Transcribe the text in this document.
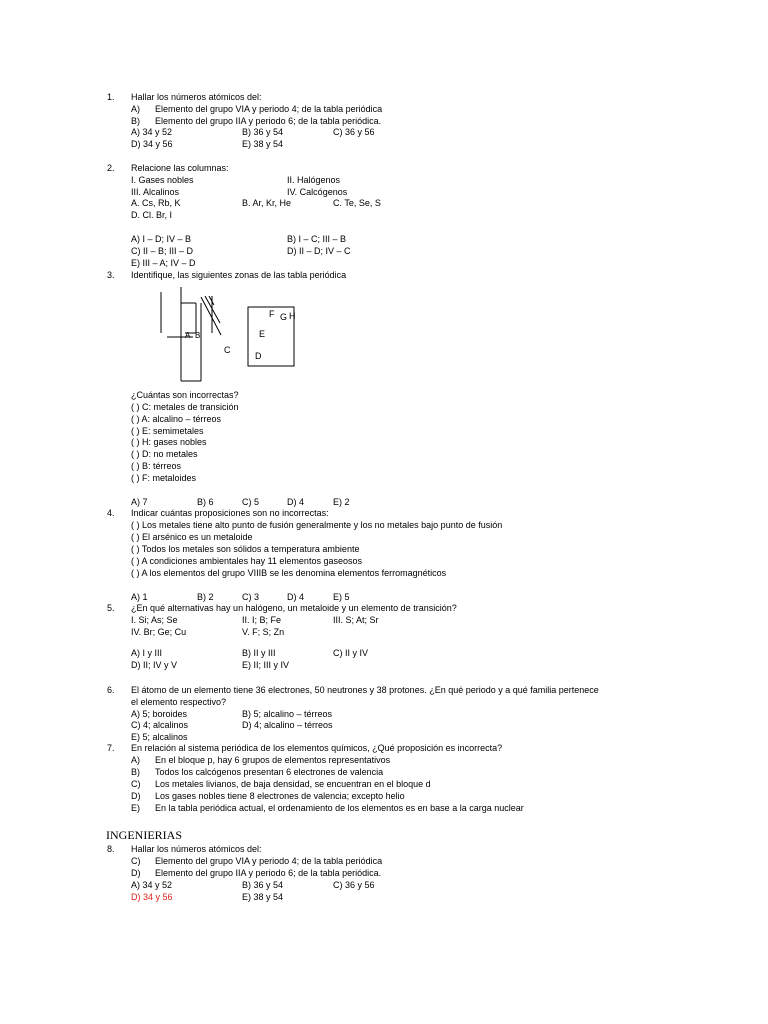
1. Hallar los números atómicos del:
A) Elemento del grupo VIA y periodo 4; de la tabla periódica
B) Elemento del grupo IIA y periodo 6; de la tabla periódica.
A) 34 y 52	B) 36 y 54	C) 36 y 56
D) 34 y 56	E) 38 y 54
2. Relacione las columnas:
I. Gases nobles	II. Halógenos
III. Alcalinos	IV. Calcógenos
A. Cs, Rb, K	B. Ar, Kr, He	C. Te, Se, S
D. Cl. Br, I
A) I – D; IV – B	B) I – C; III – B
C) II – B; III – D	D) II – D; IV – C
E) III – A; IV – D
3. Identifique, las siguientes zonas de las tabla periódica
A B
C
D
E
F G H
¿Cuántas son incorrectas?
( ) C: metales de transición
( ) A: alcalino – térreos
( ) E: semimetales
( ) H: gases nobles
( ) D: no metales
( ) B: térreos
( ) F: metaloides
A) 7	B) 6	C) 5	D) 4	E) 2
4. Indicar cuántas proposiciones son no incorrectas:
( ) Los metales tiene alto punto de fusión generalmente y los no metales bajo punto de fusión
( ) El arsénico es un metaloide
( ) Todos los metales son sólidos a temperatura ambiente
( ) A condiciones ambientales hay 11 elementos gaseosos
( ) A los elementos del grupo VIIIB se les denomina elementos ferromagnéticos
A) 1	B) 2	C) 3	D) 4	E) 5
5. ¿En qué alternativas hay un halógeno, un metaloide y un elemento de transición?
I. Si; As; Se	II. I; B; Fe	III. S; At; Sr
IV. Br; Ge; Cu	V. F; S; Zn
A) I y III	B) II y III	C) II y IV
D) II; IV y V	E) II; III y IV
6. El átomo de un elemento tiene 36 electrones, 50 neutrones y 38 protones. ¿En qué periodo y a qué familia pertenece
el elemento respectivo?
A) 5; boroides	B) 5; alcalino – térreos
C) 4; alcalinos	D) 4; alcalino – térreos
E) 5; alcalinos
7. En relación al sistema periódica de los elementos químicos, ¿Qué proposición es incorrecta?
A) En el bloque p, hay 6 grupos de elementos representativos
B) Todos los calcógenos presentan 6 electrones de valencia
C) Los metales livianos, de baja densidad, se encuentran en el bloque d
D) Los gases nobles tiene 8 electrones de valencia; excepto helio
E) En la tabla periódica actual, el ordenamiento de los elementos es en base a la carga nuclear
INGENIERIAS
8. Hallar los números atómicos del:
C) Elemento del grupo VIA y periodo 4; de la tabla periódica
D) Elemento del grupo IIA y periodo 6; de la tabla periódica.
A) 34 y 52	B) 36 y 54	C) 36 y 56
D) 34 y 56	E) 38 y 54
